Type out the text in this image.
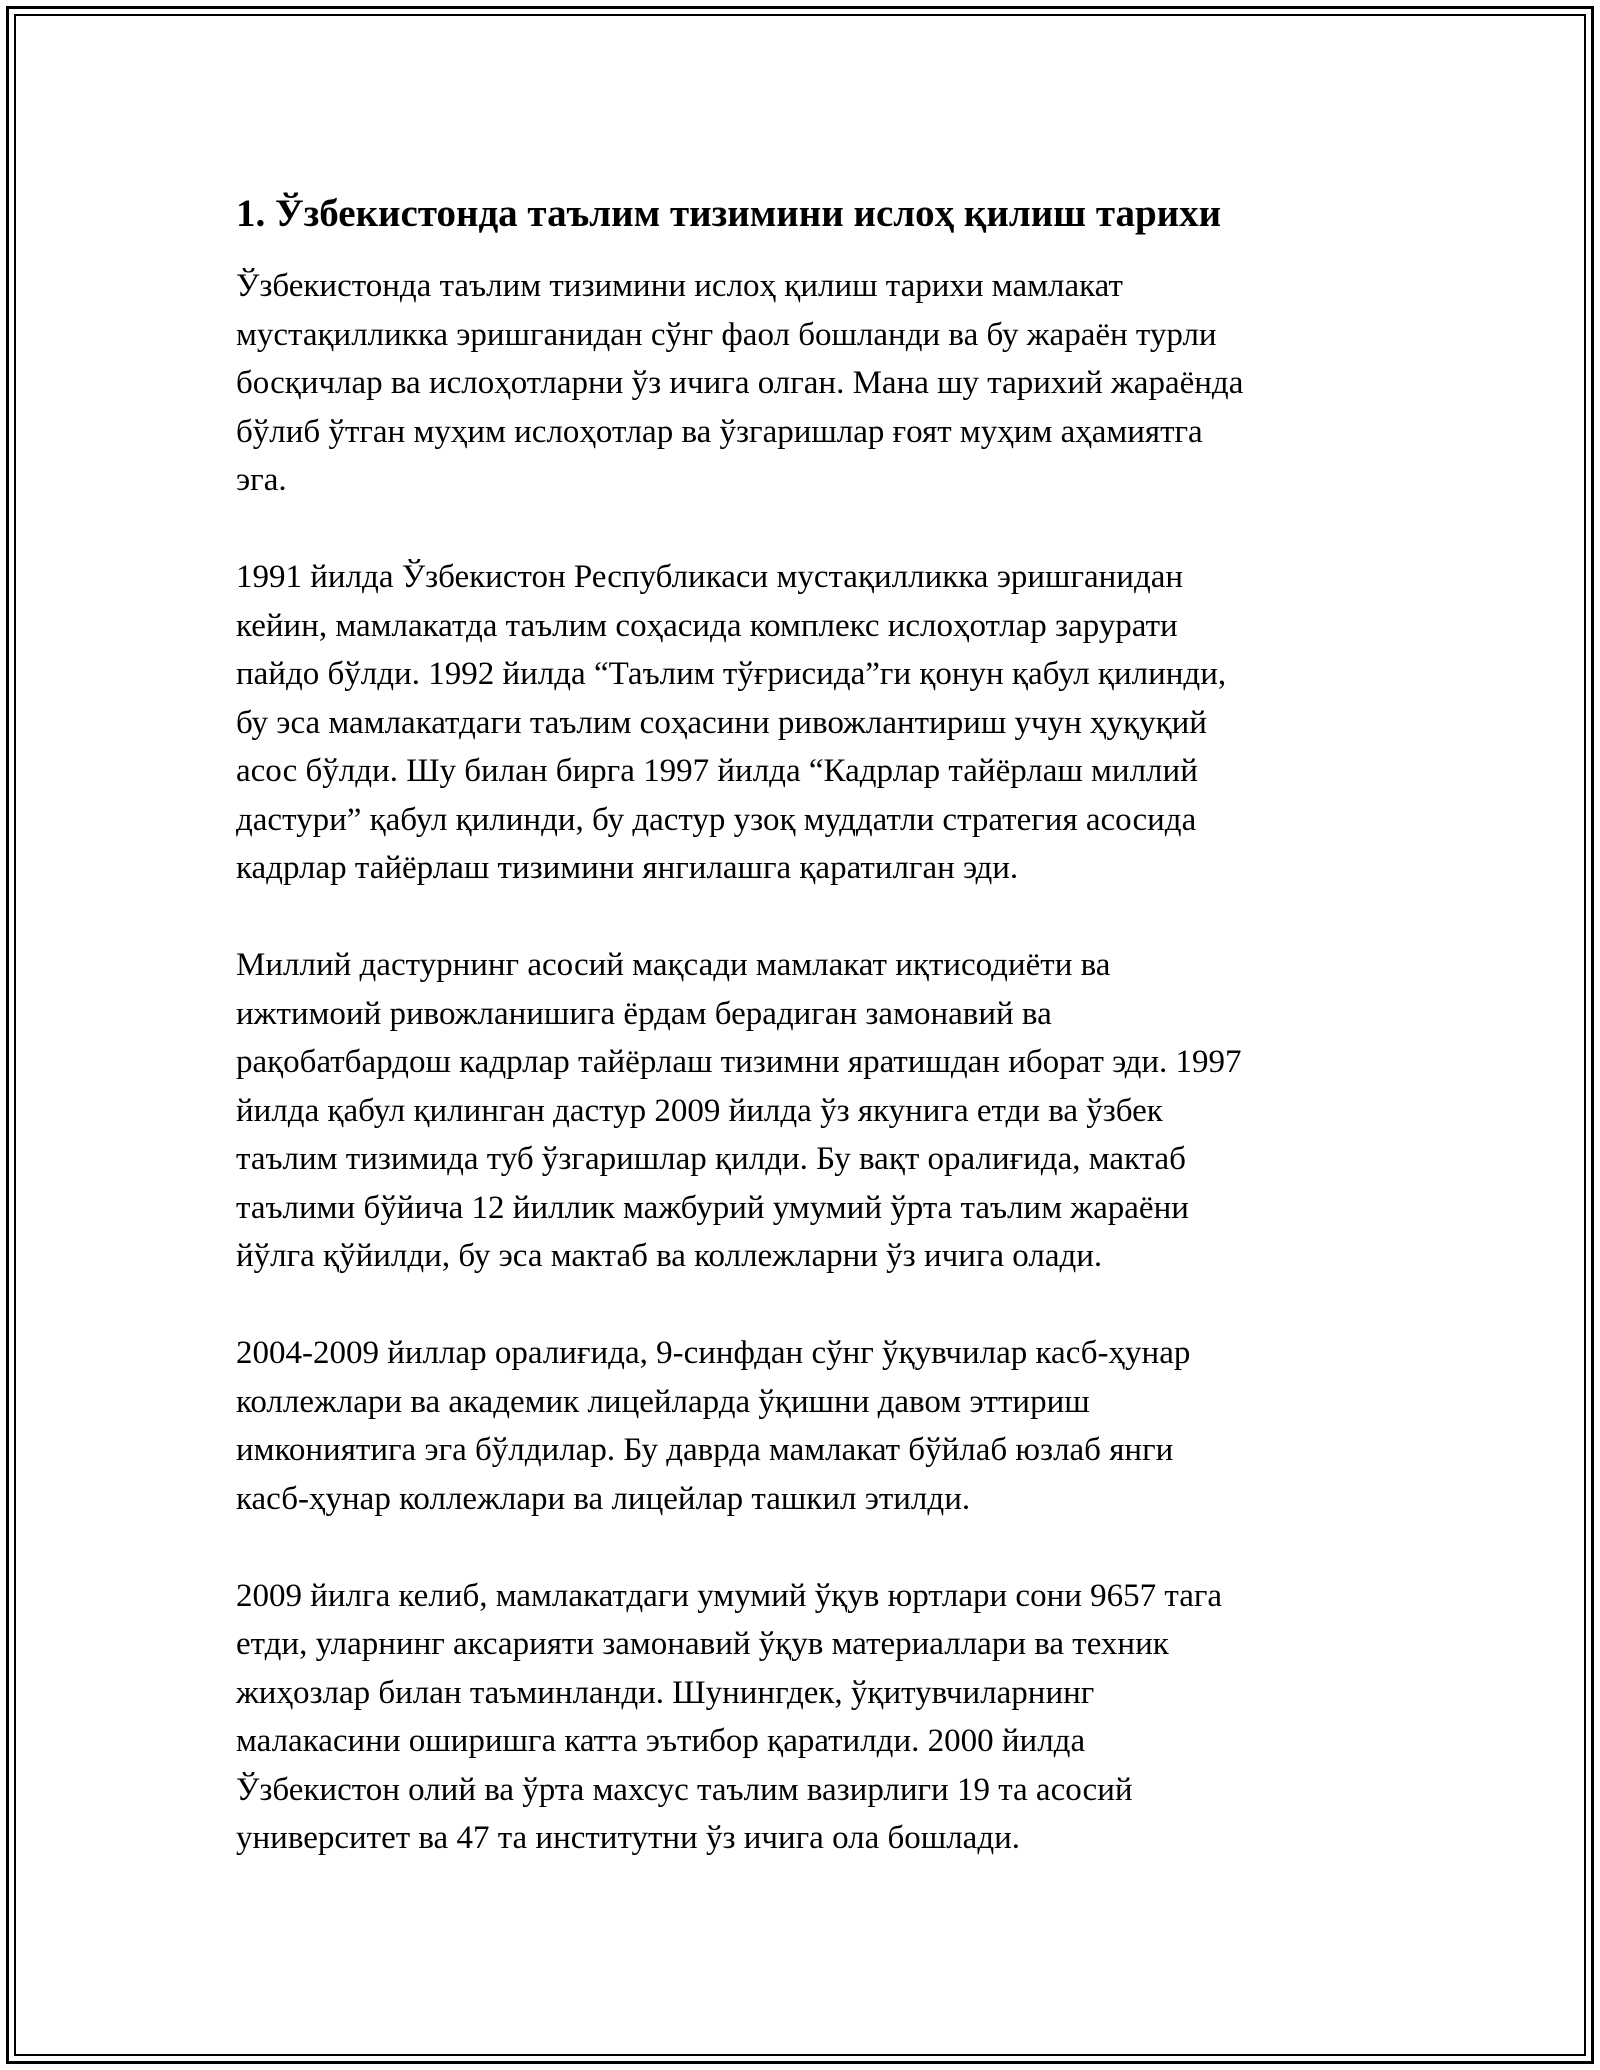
1. Ўзбекистонда таълим тизимини ислоҳ қилиш тарихи

Ўзбекистонда таълим тизимини ислоҳ қилиш тарихи мамлакат
мустақилликка эришганидан сўнг фаол бошланди ва бу жараён турли
босқичлар ва ислоҳотларни ўз ичига олган. Мана шу тарихий жараёнда
бўлиб ўтган муҳим ислоҳотлар ва ўзгаришлар ғоят муҳим аҳамиятга
эга.

1991 йилда Ўзбекистон Республикаси мустақилликка эришганидан
кейин, мамлакатда таълим соҳасида комплекс ислоҳотлар зарурати
пайдо бўлди. 1992 йилда “Таълим тўғрисида”ги қонун қабул қилинди,
бу эса мамлакатдаги таълим соҳасини ривожлантириш учун ҳуқуқий
асос бўлди. Шу билан бирга 1997 йилда “Кадрлар тайёрлаш миллий
дастури” қабул қилинди, бу дастур узоқ муддатли стратегия асосида
кадрлар тайёрлаш тизимини янгилашга қаратилган эди.

Миллий дастурнинг асосий мақсади мамлакат иқтисодиёти ва
ижтимоий ривожланишига ёрдам берадиган замонавий ва
рақобатбардош кадрлар тайёрлаш тизимни яратишдан иборат эди. 1997
йилда қабул қилинган дастур 2009 йилда ўз якунига етди ва ўзбек
таълим тизимида туб ўзгаришлар қилди. Бу вақт оралиғида, мактаб
таълими бўйича 12 йиллик мажбурий умумий ўрта таълим жараёни
йўлга қўйилди, бу эса мактаб ва коллежларни ўз ичига олади.

2004-2009 йиллар оралиғида, 9-синфдан сўнг ўқувчилар касб-ҳунар
коллежлари ва академик лицейларда ўқишни давом эттириш
имкониятига эга бўлдилар. Бу даврда мамлакат бўйлаб юзлаб янги
касб-ҳунар коллежлари ва лицейлар ташкил этилди.

2009 йилга келиб, мамлакатдаги умумий ўқув юртлари сони 9657 тага
етди, уларнинг аксарияти замонавий ўқув материаллари ва техник
жиҳозлар билан таъминланди. Шунингдек, ўқитувчиларнинг
малакасини оширишга катта эътибор қаратилди. 2000 йилда
Ўзбекистон олий ва ўрта махсус таълим вазирлиги 19 та асосий
университет ва 47 та институтни ўз ичига ола бошлади.
